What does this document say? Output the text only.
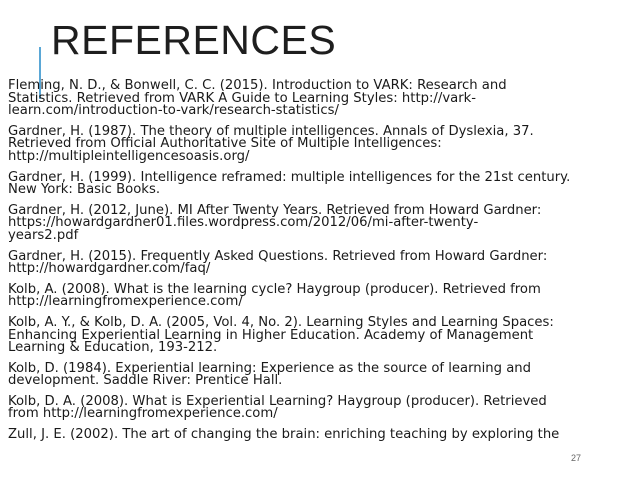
REFERENCES

Fleming, N. D., & Bonwell, C. C. (2015). Introduction to VARK: Research and
Statistics. Retrieved from VARK A Guide to Learning Styles: http://vark-
learn.com/introduction-to-vark/research-statistics/

Gardner, H. (1987). The theory of multiple intelligences. Annals of Dyslexia, 37.
Retrieved from Official Authoritative Site of Multiple Intelligences:
http://multipleintelligencesoasis.org/

Gardner, H. (1999). Intelligence reframed: multiple intelligences for the 21st century.
New York: Basic Books.

Gardner, H. (2012, June). MI After Twenty Years. Retrieved from Howard Gardner:
https://howardgardner01.files.wordpress.com/2012/06/mi-after-twenty-
years2.pdf

Gardner, H. (2015). Frequently Asked Questions. Retrieved from Howard Gardner:
http://howardgardner.com/faq/

Kolb, A. (2008). What is the learning cycle? Haygroup (producer). Retrieved from
http://learningfromexperience.com/

Kolb, A. Y., & Kolb, D. A. (2005, Vol. 4, No. 2). Learning Styles and Learning Spaces:
Enhancing Experiential Learning in Higher Education. Academy of Management
Learning & Education, 193-212.

Kolb, D. (1984). Experiential learning: Experience as the source of learning and
development. Saddle River: Prentice Hall.

Kolb, D. A. (2008). What is Experiential Learning? Haygroup (producer). Retrieved
from http://learningfromexperience.com/

Zull, J. E. (2002). The art of changing the brain: enriching teaching by exploring the

27
